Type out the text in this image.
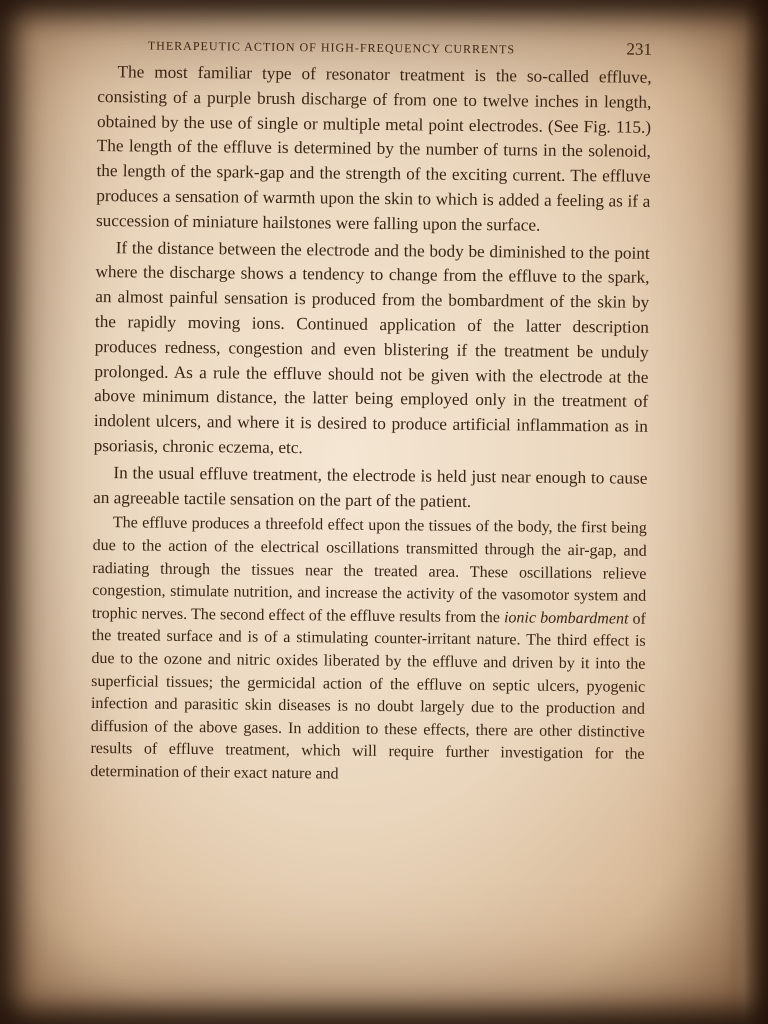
THERAPEUTIC ACTION OF HIGH-FREQUENCY CURRENTS	231

The most familiar type of resonator treatment is the so-called effluve, consisting of a purple brush discharge of from one to twelve inches in length, obtained by the use of single or multiple metal point electrodes. (See Fig. 115.) The length of the effluve is determined by the number of turns in the solenoid, the length of the spark-gap and the strength of the exciting current. The effluve produces a sensation of warmth upon the skin to which is added a feeling as if a succession of miniature hailstones were falling upon the surface.

If the distance between the electrode and the body be diminished to the point where the discharge shows a tendency to change from the effluve to the spark, an almost painful sensation is produced from the bombardment of the skin by the rapidly moving ions. Continued application of the latter description produces redness, congestion and even blistering if the treatment be unduly prolonged. As a rule the effluve should not be given with the electrode at the above minimum distance, the latter being employed only in the treatment of indolent ulcers, and where it is desired to produce artificial inflammation as in psoriasis, chronic eczema, etc.

In the usual effluve treatment, the electrode is held just near enough to cause an agreeable tactile sensation on the part of the patient.

The effluve produces a threefold effect upon the tissues of the body, the first being due to the action of the electrical oscillations transmitted through the air-gap, and radiating through the tissues near the treated area. These oscillations relieve congestion, stimulate nutrition, and increase the activity of the vasomotor system and trophic nerves. The second effect of the effluve results from the ionic bombardment of the treated surface and is of a stimulating counter-irritant nature. The third effect is due to the ozone and nitric oxides liberated by the effluve and driven by it into the superficial tissues; the germicidal action of the effluve on septic ulcers, pyogenic infection and parasitic skin diseases is no doubt largely due to the production and diffusion of the above gases. In addition to these effects, there are other distinctive results of effluve treatment, which will require further investigation for the determination of their exact nature and
